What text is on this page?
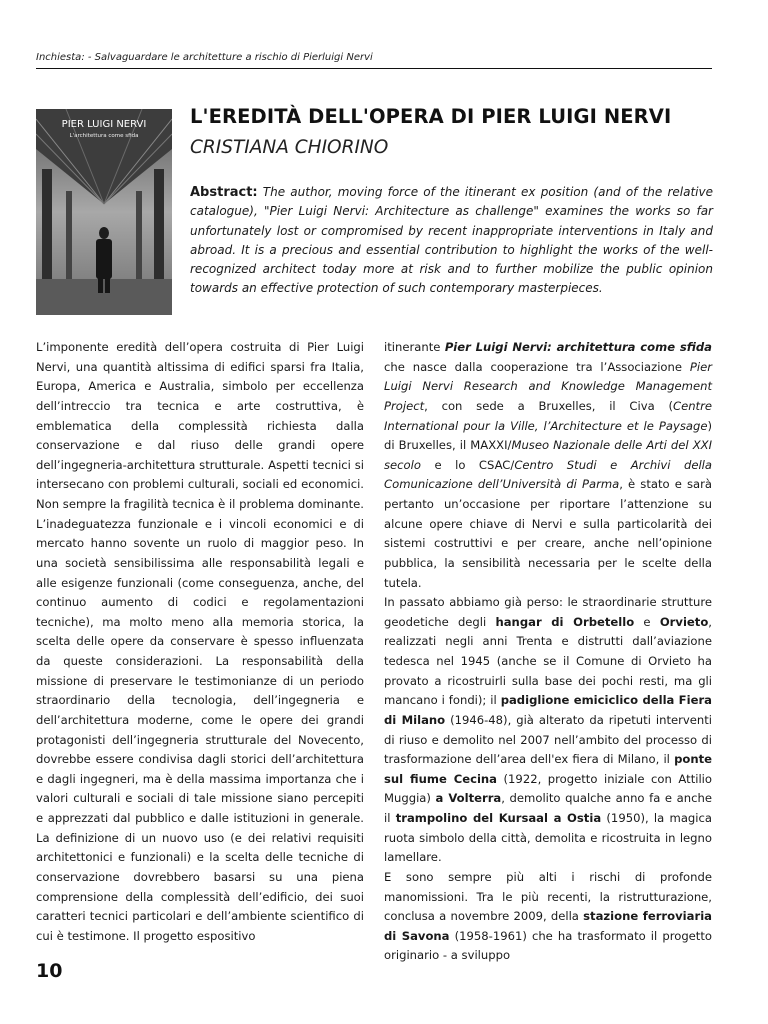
Inchiesta: - Salvaguardare le architetture a rischio di Pierluigi Nervi
PIER LUIGI NERVI
L'architettura come sfida
L'EREDITÀ DELL'OPERA DI PIER LUIGI NERVI
CRISTIANA CHIORINO
Abstract: The author, moving force of the itinerant ex position (and of the relative catalogue), "Pier Luigi Nervi: Architecture as challenge" examines the works so far unfortunately lost or compromised by recent inappropriate interventions in Italy and abroad. It is a precious and essential contribution to highlight the works of the well-recognized architect today more at risk and to further mobilize the public opinion towards an effective protection of such contemporary masterpieces.

L’imponente eredità dell’opera costruita di Pier Luigi Nervi, una quantità altissima di edifici sparsi fra Italia, Europa, America e Australia, simbolo per eccellenza dell’intreccio tra tecnica e arte costruttiva, è emblematica della complessità richiesta dalla conservazione e dal riuso delle grandi opere dell’ingegneria-architettura strutturale. Aspetti tecnici si intersecano con problemi culturali, sociali ed economici. Non sempre la fragilità tecnica è il problema dominante. L’inadeguatezza funzionale e i vincoli economici e di mercato hanno sovente un ruolo di maggior peso. In una società sensibilissima alle responsabilità legali e alle esigenze funzionali (come conseguenza, anche, del continuo aumento di codici e regolamentazioni tecniche), ma molto meno alla memoria storica, la scelta delle opere da conservare è spesso influenzata da queste considerazioni. La responsabilità della missione di preservare le testimonianze di un periodo straordinario della tecnologia, dell’ingegneria e dell’architettura moderne, come le opere dei grandi protagonisti dell’ingegneria strutturale del Novecento, dovrebbe essere condivisa dagli storici dell’architettura e dagli ingegneri, ma è della massima importanza che i valori culturali e sociali di tale missione siano percepiti e apprezzati dal pubblico e dalle istituzioni in generale. La definizione di un nuovo uso (e dei relativi requisiti architettonici e funzionali) e la scelta delle tecniche di conservazione dovrebbero basarsi su una piena comprensione della complessità dell’edificio, dei suoi caratteri tecnici particolari e dell’ambiente scientifico di cui è testimone. Il progetto espositivo

itinerante Pier Luigi Nervi: architettura come sfida che nasce dalla cooperazione tra l’Associazione Pier Luigi Nervi Research and Knowledge Management Project, con sede a Bruxelles, il Civa (Centre International pour la Ville, l’Architecture et le Paysage) di Bruxelles, il MAXXI/Museo Nazionale delle Arti del XXI secolo e lo CSAC/Centro Studi e Archivi della Comunicazione dell’Università di Parma, è stato e sarà pertanto un’occasione per riportare l’attenzione su alcune opere chiave di Nervi e sulla particolarità dei sistemi costruttivi e per creare, anche nell’opinione pubblica, la sensibilità necessaria per le scelte della tutela.

In passato abbiamo già perso: le straordinarie strutture geodetiche degli hangar di Orbetello e Orvieto, realizzati negli anni Trenta e distrutti dall’aviazione tedesca nel 1945 (anche se il Comune di Orvieto ha provato a ricostruirli sulla base dei pochi resti, ma gli mancano i fondi); il padiglione emiciclico della Fiera di Milano (1946-48), già alterato da ripetuti interventi di riuso e demolito nel 2007 nell’ambito del processo di trasformazione dell’area dell'ex fiera di Milano, il ponte sul fiume Cecina (1922, progetto iniziale con Attilio Muggia) a Volterra, demolito qualche anno fa e anche il trampolino del Kursaal a Ostia (1950), la magica ruota simbolo della città, demolita e ricostruita in legno lamellare.

E sono sempre più alti i rischi di profonde manomissioni. Tra le più recenti, la ristrutturazione, conclusa a novembre 2009, della stazione ferroviaria di Savona (1958-1961) che ha trasformato il progetto originario - a sviluppo

10
